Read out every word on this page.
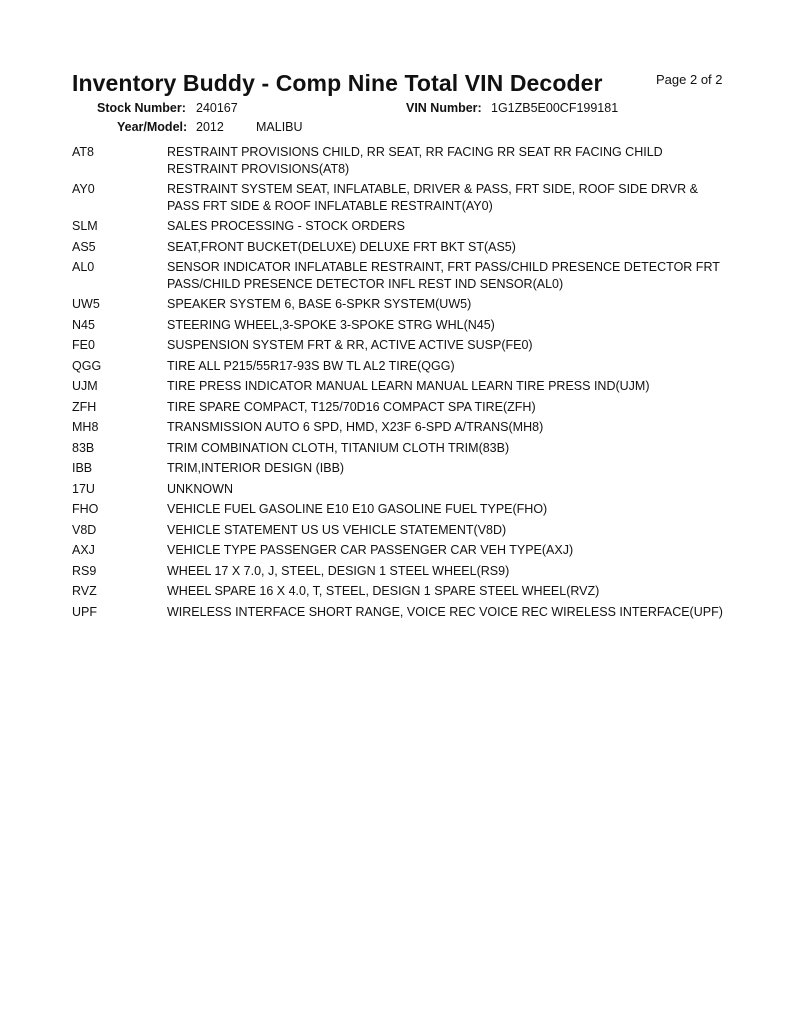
Inventory Buddy - Comp Nine Total VIN Decoder	Page 2 of 2
Stock Number: 240167	VIN Number: 1G1ZB5E00CF199181
Year/Model: 2012	MALIBU
AT8	RESTRAINT PROVISIONS CHILD, RR SEAT, RR FACING RR SEAT RR FACING CHILD RESTRAINT PROVISIONS(AT8)
AY0	RESTRAINT SYSTEM SEAT, INFLATABLE, DRIVER & PASS, FRT SIDE, ROOF SIDE DRVR & PASS FRT SIDE & ROOF INFLATABLE RESTRAINT(AY0)
SLM	SALES PROCESSING - STOCK ORDERS
AS5	SEAT,FRONT BUCKET(DELUXE) DELUXE FRT BKT ST(AS5)
AL0	SENSOR INDICATOR INFLATABLE RESTRAINT, FRT PASS/CHILD PRESENCE DETECTOR FRT PASS/CHILD PRESENCE DETECTOR INFL REST IND SENSOR(AL0)
UW5	SPEAKER SYSTEM 6, BASE 6-SPKR SYSTEM(UW5)
N45	STEERING WHEEL,3-SPOKE 3-SPOKE STRG WHL(N45)
FE0	SUSPENSION SYSTEM FRT & RR, ACTIVE ACTIVE SUSP(FE0)
QGG	TIRE ALL P215/55R17-93S BW TL AL2 TIRE(QGG)
UJM	TIRE PRESS INDICATOR MANUAL LEARN MANUAL LEARN TIRE PRESS IND(UJM)
ZFH	TIRE SPARE COMPACT, T125/70D16 COMPACT SPA TIRE(ZFH)
MH8	TRANSMISSION AUTO 6 SPD, HMD, X23F 6-SPD A/TRANS(MH8)
83B	TRIM COMBINATION CLOTH, TITANIUM CLOTH TRIM(83B)
IBB	TRIM,INTERIOR DESIGN (IBB)
17U	UNKNOWN
FHO	VEHICLE FUEL GASOLINE E10 E10 GASOLINE FUEL TYPE(FHO)
V8D	VEHICLE STATEMENT US US VEHICLE STATEMENT(V8D)
AXJ	VEHICLE TYPE PASSENGER CAR PASSENGER CAR VEH TYPE(AXJ)
RS9	WHEEL 17 X 7.0, J, STEEL, DESIGN 1 STEEL WHEEL(RS9)
RVZ	WHEEL SPARE 16 X 4.0, T, STEEL, DESIGN 1 SPARE STEEL WHEEL(RVZ)
UPF	WIRELESS INTERFACE SHORT RANGE, VOICE REC VOICE REC WIRELESS INTERFACE(UPF)
